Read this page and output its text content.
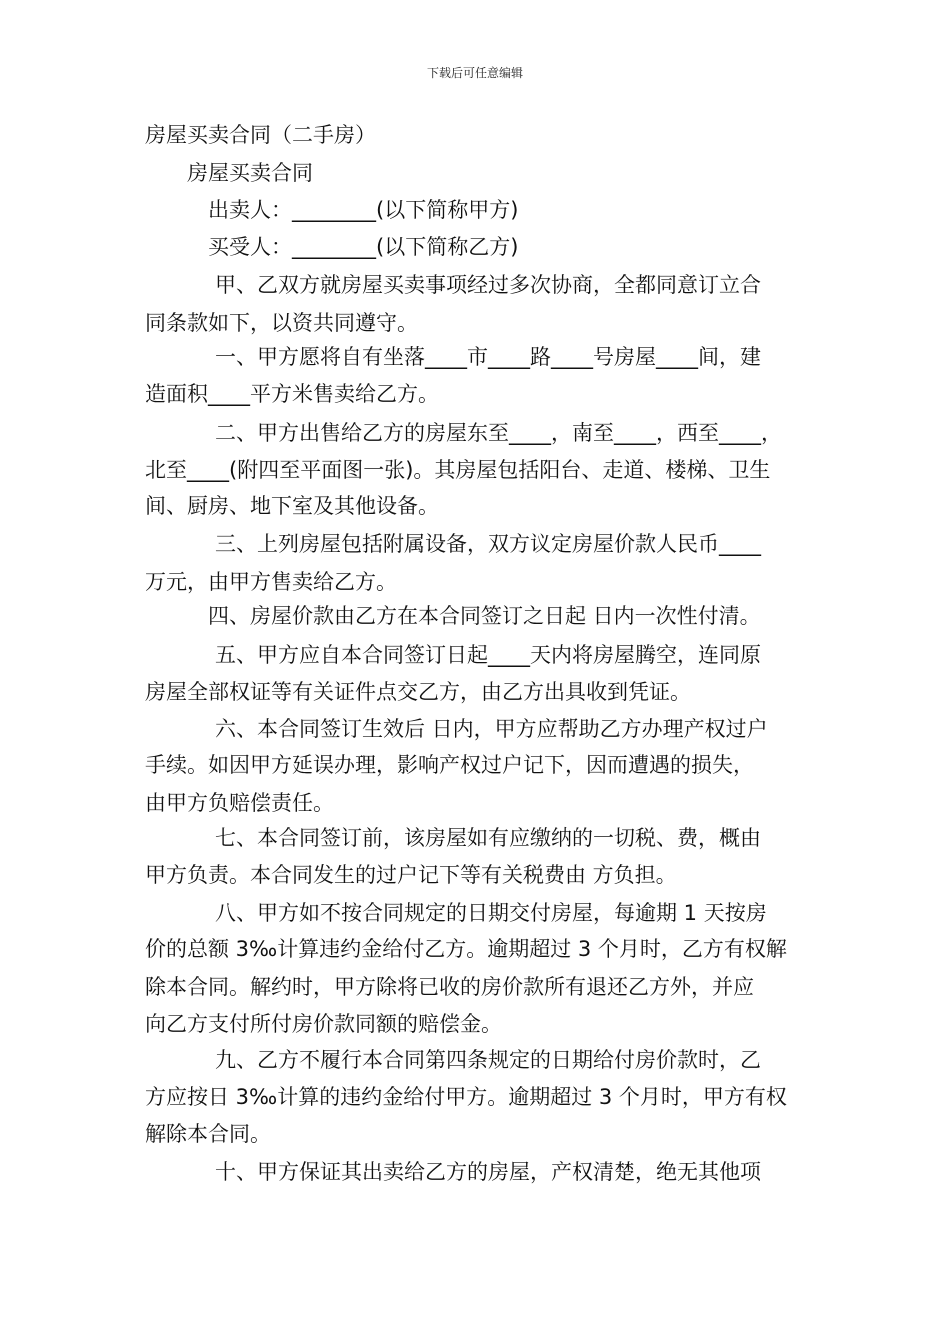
下载后可任意编辑
房屋买卖合同（二手房）
房屋买卖合同
出卖人：________(以下简称甲方)
买受人：________(以下简称乙方)
甲、乙双方就房屋买卖事项经过多次协商，全都同意订立合
同条款如下，以资共同遵守。
一、甲方愿将自有坐落____市____路____号房屋____间，建
造面积____平方米售卖给乙方。
二、甲方出售给乙方的房屋东至____，南至____，西至____，
北至____(附四至平面图一张)。其房屋包括阳台、走道、楼梯、卫生
间、厨房、地下室及其他设备。
三、上列房屋包括附属设备，双方议定房屋价款人民币____
万元，由甲方售卖给乙方。
四、房屋价款由乙方在本合同签订之日起 日内一次性付清。
五、甲方应自本合同签订日起____天内将房屋腾空，连同原
房屋全部权证等有关证件点交乙方，由乙方出具收到凭证。
六、本合同签订生效后 日内，甲方应帮助乙方办理产权过户
手续。如因甲方延误办理，影响产权过户记下，因而遭遇的损失，
由甲方负赔偿责任。
七、本合同签订前，该房屋如有应缴纳的一切税、费，概由
甲方负责。本合同发生的过户记下等有关税费由 方负担。
八、甲方如不按合同规定的日期交付房屋，每逾期 1 天按房
价的总额 3‰计算违约金给付乙方。逾期超过 3 个月时，乙方有权解
除本合同。解约时，甲方除将已收的房价款所有退还乙方外，并应
向乙方支付所付房价款同额的赔偿金。
九、乙方不履行本合同第四条规定的日期给付房价款时，乙
方应按日 3‰计算的违约金给付甲方。逾期超过 3 个月时，甲方有权
解除本合同。
十、甲方保证其出卖给乙方的房屋，产权清楚，绝无其他项
